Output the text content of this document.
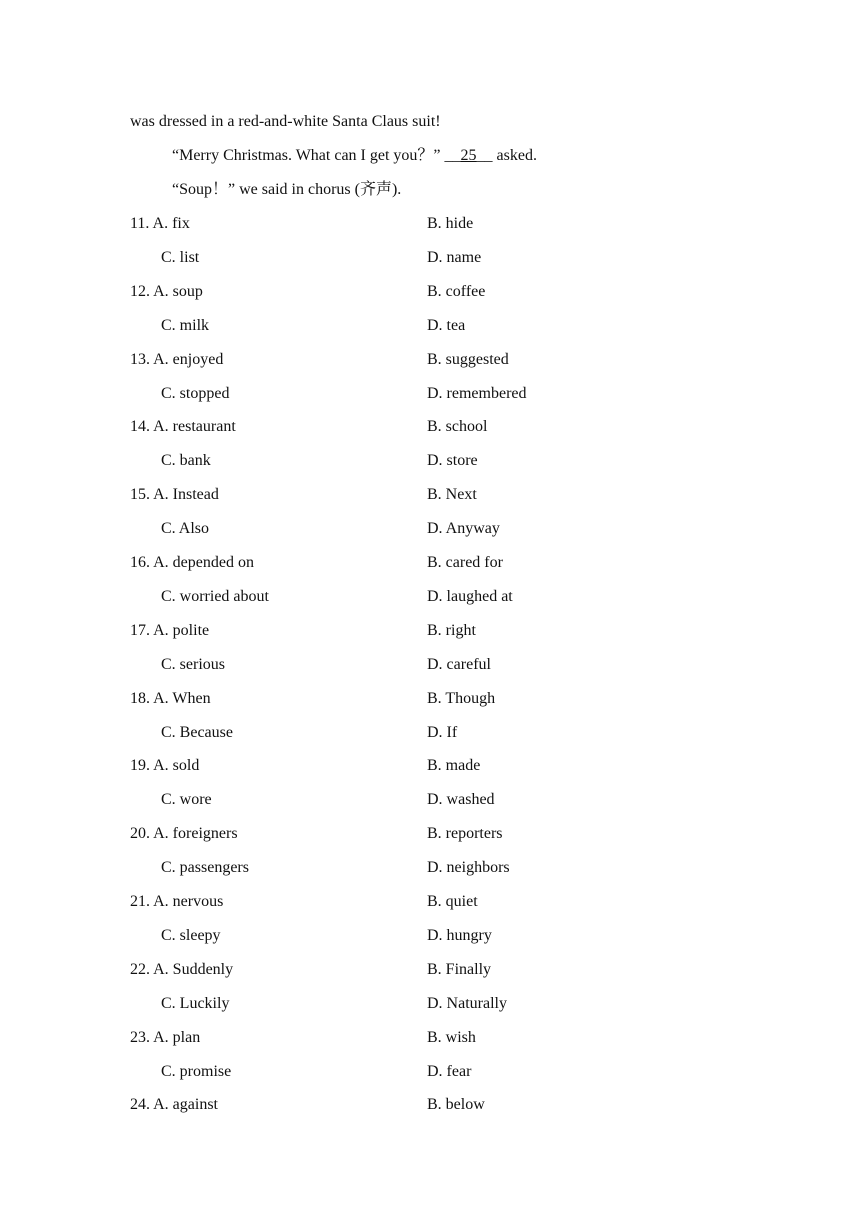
was dressed in a red-and-white Santa Claus suit!
“Merry Christmas. What can I get you？” __25__ asked.
“Soup！” we said in chorus (齐声).
11. A. fix	B. hide
C. list	D. name
12. A. soup	B. coffee
C. milk	D. tea
13. A. enjoyed	B. suggested
C. stopped	D. remembered
14. A. restaurant	B. school
C. bank	D. store
15. A. Instead	B. Next
C. Also	D. Anyway
16. A. depended on	B. cared for
C. worried about	D. laughed at
17. A. polite	B. right
C. serious	D. careful
18. A. When	B. Though
C. Because	D. If
19. A. sold	B. made
C. wore	D. washed
20. A. foreigners	B. reporters
C. passengers	D. neighbors
21. A. nervous	B. quiet
C. sleepy	D. hungry
22. A. Suddenly	B. Finally
C. Luckily	D. Naturally
23. A. plan	B. wish
C. promise	D. fear
24. A. against	B. below
